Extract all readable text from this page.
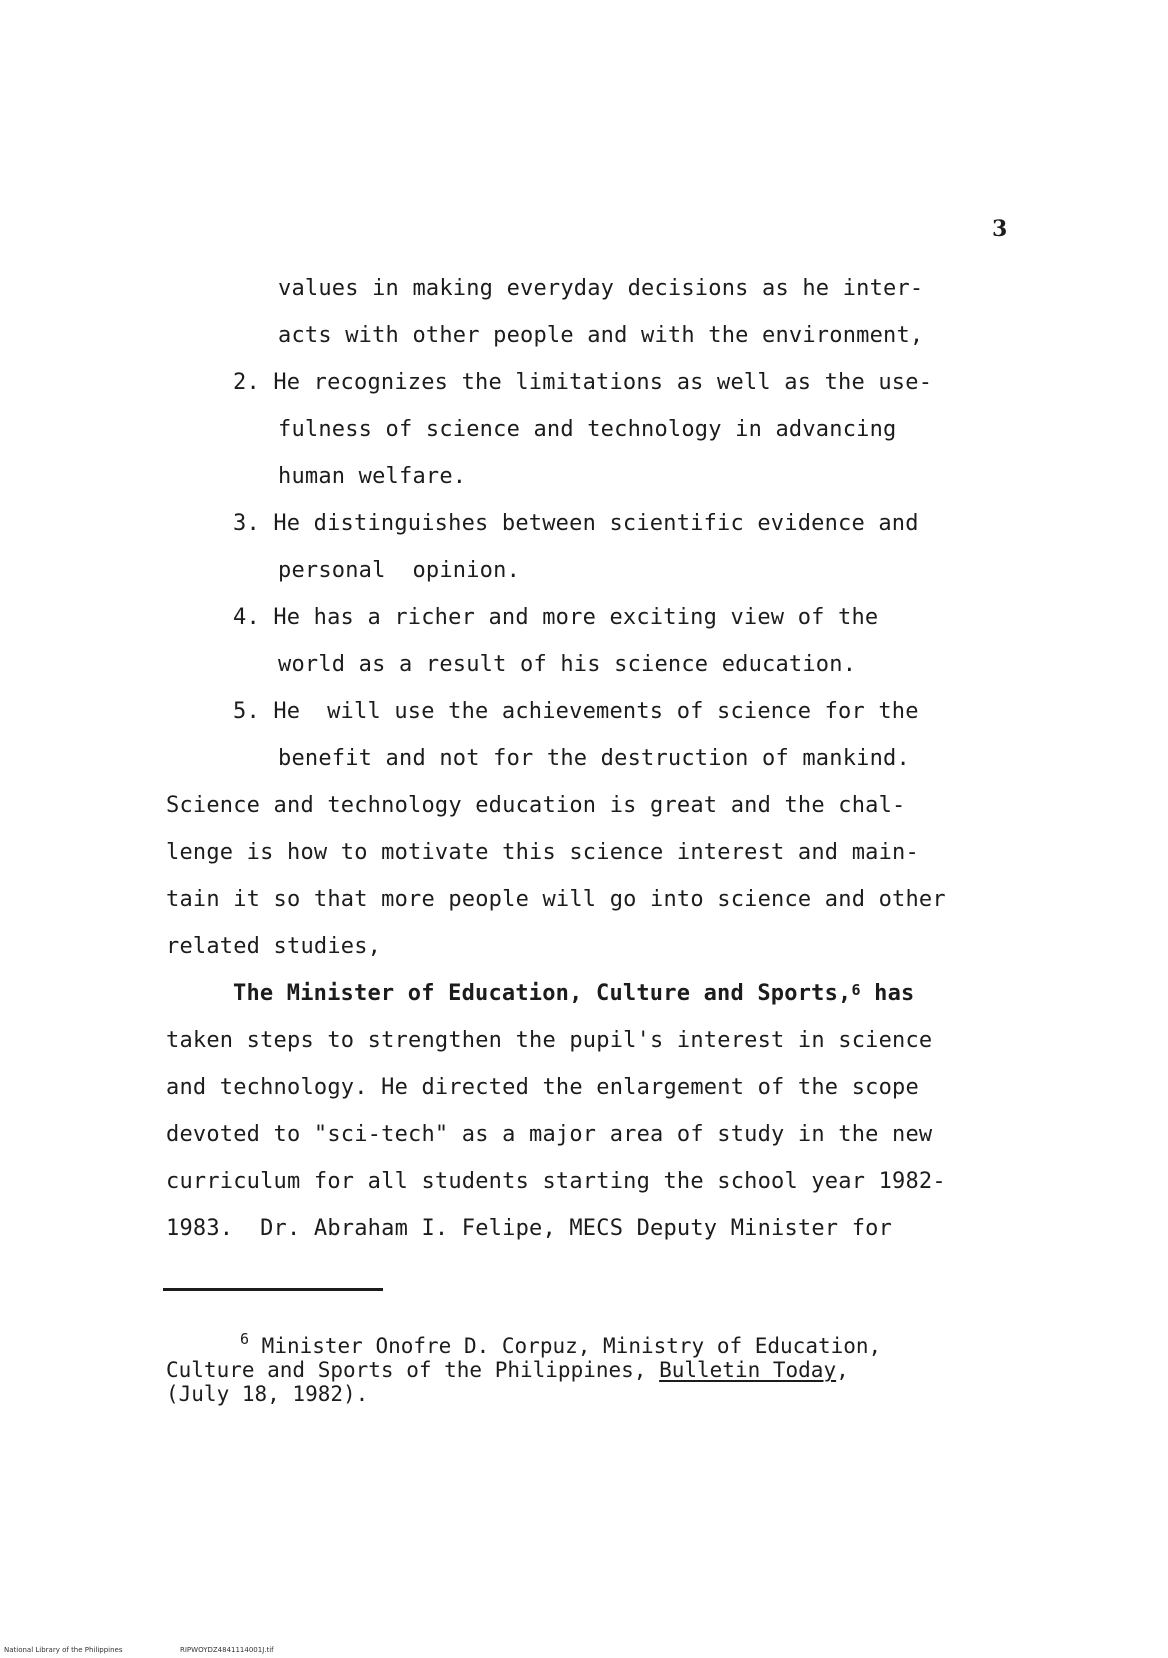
3
values in making everyday decisions as he inter-
acts with other people and with the environment,
2. He recognizes the limitations as well as the use-
fulness of science and technology in advancing
human welfare.
3. He distinguishes between scientific evidence and
personal  opinion.
4. He has a richer and more exciting view of the
world as a result of his science education.
5. He  will use the achievements of science for the
benefit and not for the destruction of mankind.
Science and technology education is great and the chal-
lenge is how to motivate this science interest and main-
tain it so that more people will go into science and other
related studies,
The Minister of Education, Culture and Sports,$^6$ has
taken steps to strengthen the pupil's interest in science
and technology. He directed the enlargement of the scope
devoted to "sci-tech" as a major area of study in the new
curriculum for all students starting the school year 1982-
1983.  Dr. Abraham I. Felipe, MECS Deputy Minister for
$^6$ Minister Onofre D. Corpuz, Ministry of Education,
Culture and Sports of the Philippines, Bulletin Today,
(July 18, 1982).
National Library of the Philippines	RIPWOYDZ4841114001J.tif
